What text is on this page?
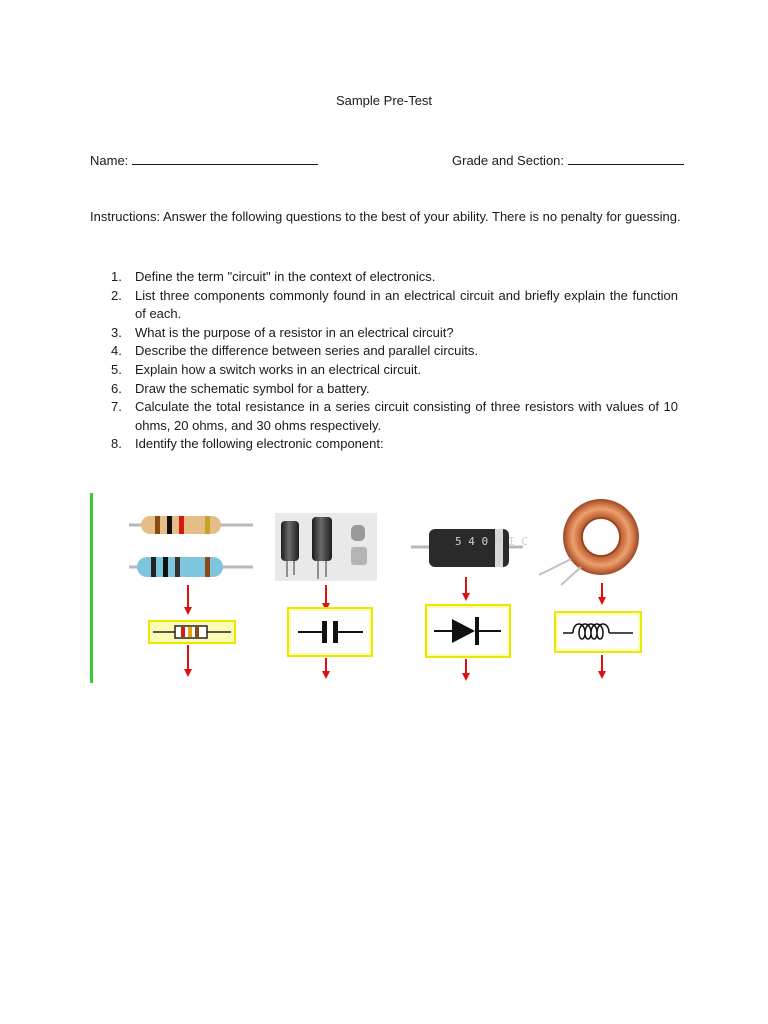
Sample Pre-Test
Name:	Grade and Section:
Instructions: Answer the following questions to the best of your ability. There is no penalty for guessing.
1. Define the term "circuit" in the context of electronics.
2. List three components commonly found in an electrical circuit and briefly explain the function of each.
3. What is the purpose of a resistor in an electrical circuit?
4. Describe the difference between series and parallel circuits.
5. Explain how a switch works in an electrical circuit.
6. Draw the schematic symbol for a battery.
7. Calculate the total resistance in a series circuit consisting of three resistors with values of 10 ohms, 20 ohms, and 30 ohms respectively.
8. Identify the following electronic component:
5 4 0 M I C
